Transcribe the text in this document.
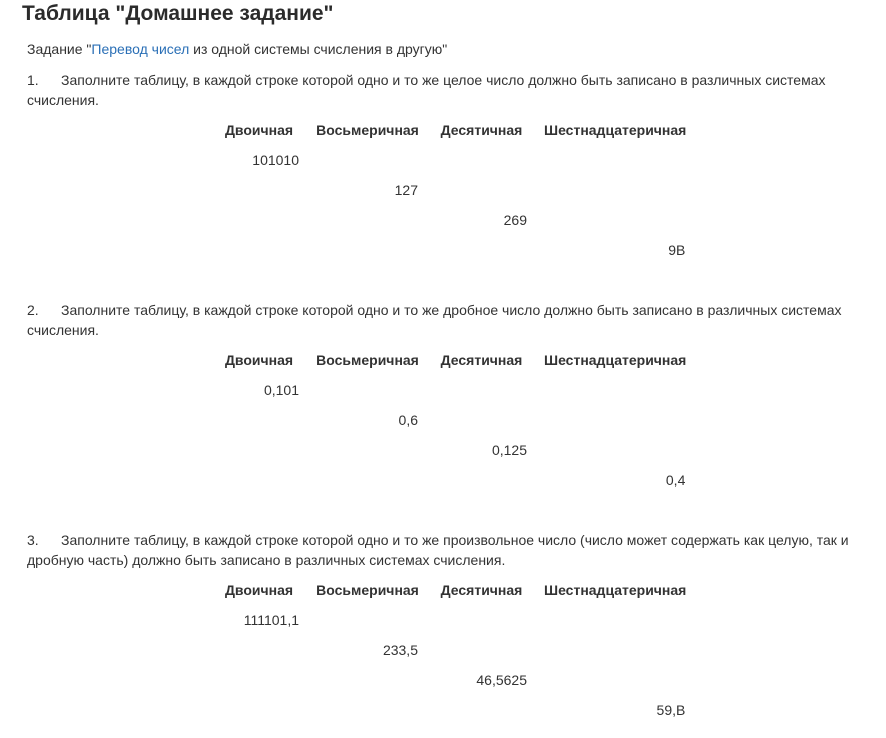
Таблица "Домашнее задание"
Задание "Перевод чисел из одной системы счисления в другую"
1. Заполните таблицу, в каждой строке которой одно и то же целое число должно быть записано в различных системах счисления.
Двоичная	Восьмеричная	Десятичная	Шестнадцатеричная
101010			
	127		
		269	
			9В
2. Заполните таблицу, в каждой строке которой одно и то же дробное число должно быть записано в различных системах счисления.
Двоичная	Восьмеричная	Десятичная	Шестнадцатеричная
0,101			
	0,6		
		0,125	
			0,4
3. Заполните таблицу, в каждой строке которой одно и то же произвольное число (число может содержать как целую, так и дробную часть) должно быть записано в различных системах счисления.
Двоичная	Восьмеричная	Десятичная	Шестнадцатеричная
111101,1			
	233,5		
		46,5625	
			59,В
